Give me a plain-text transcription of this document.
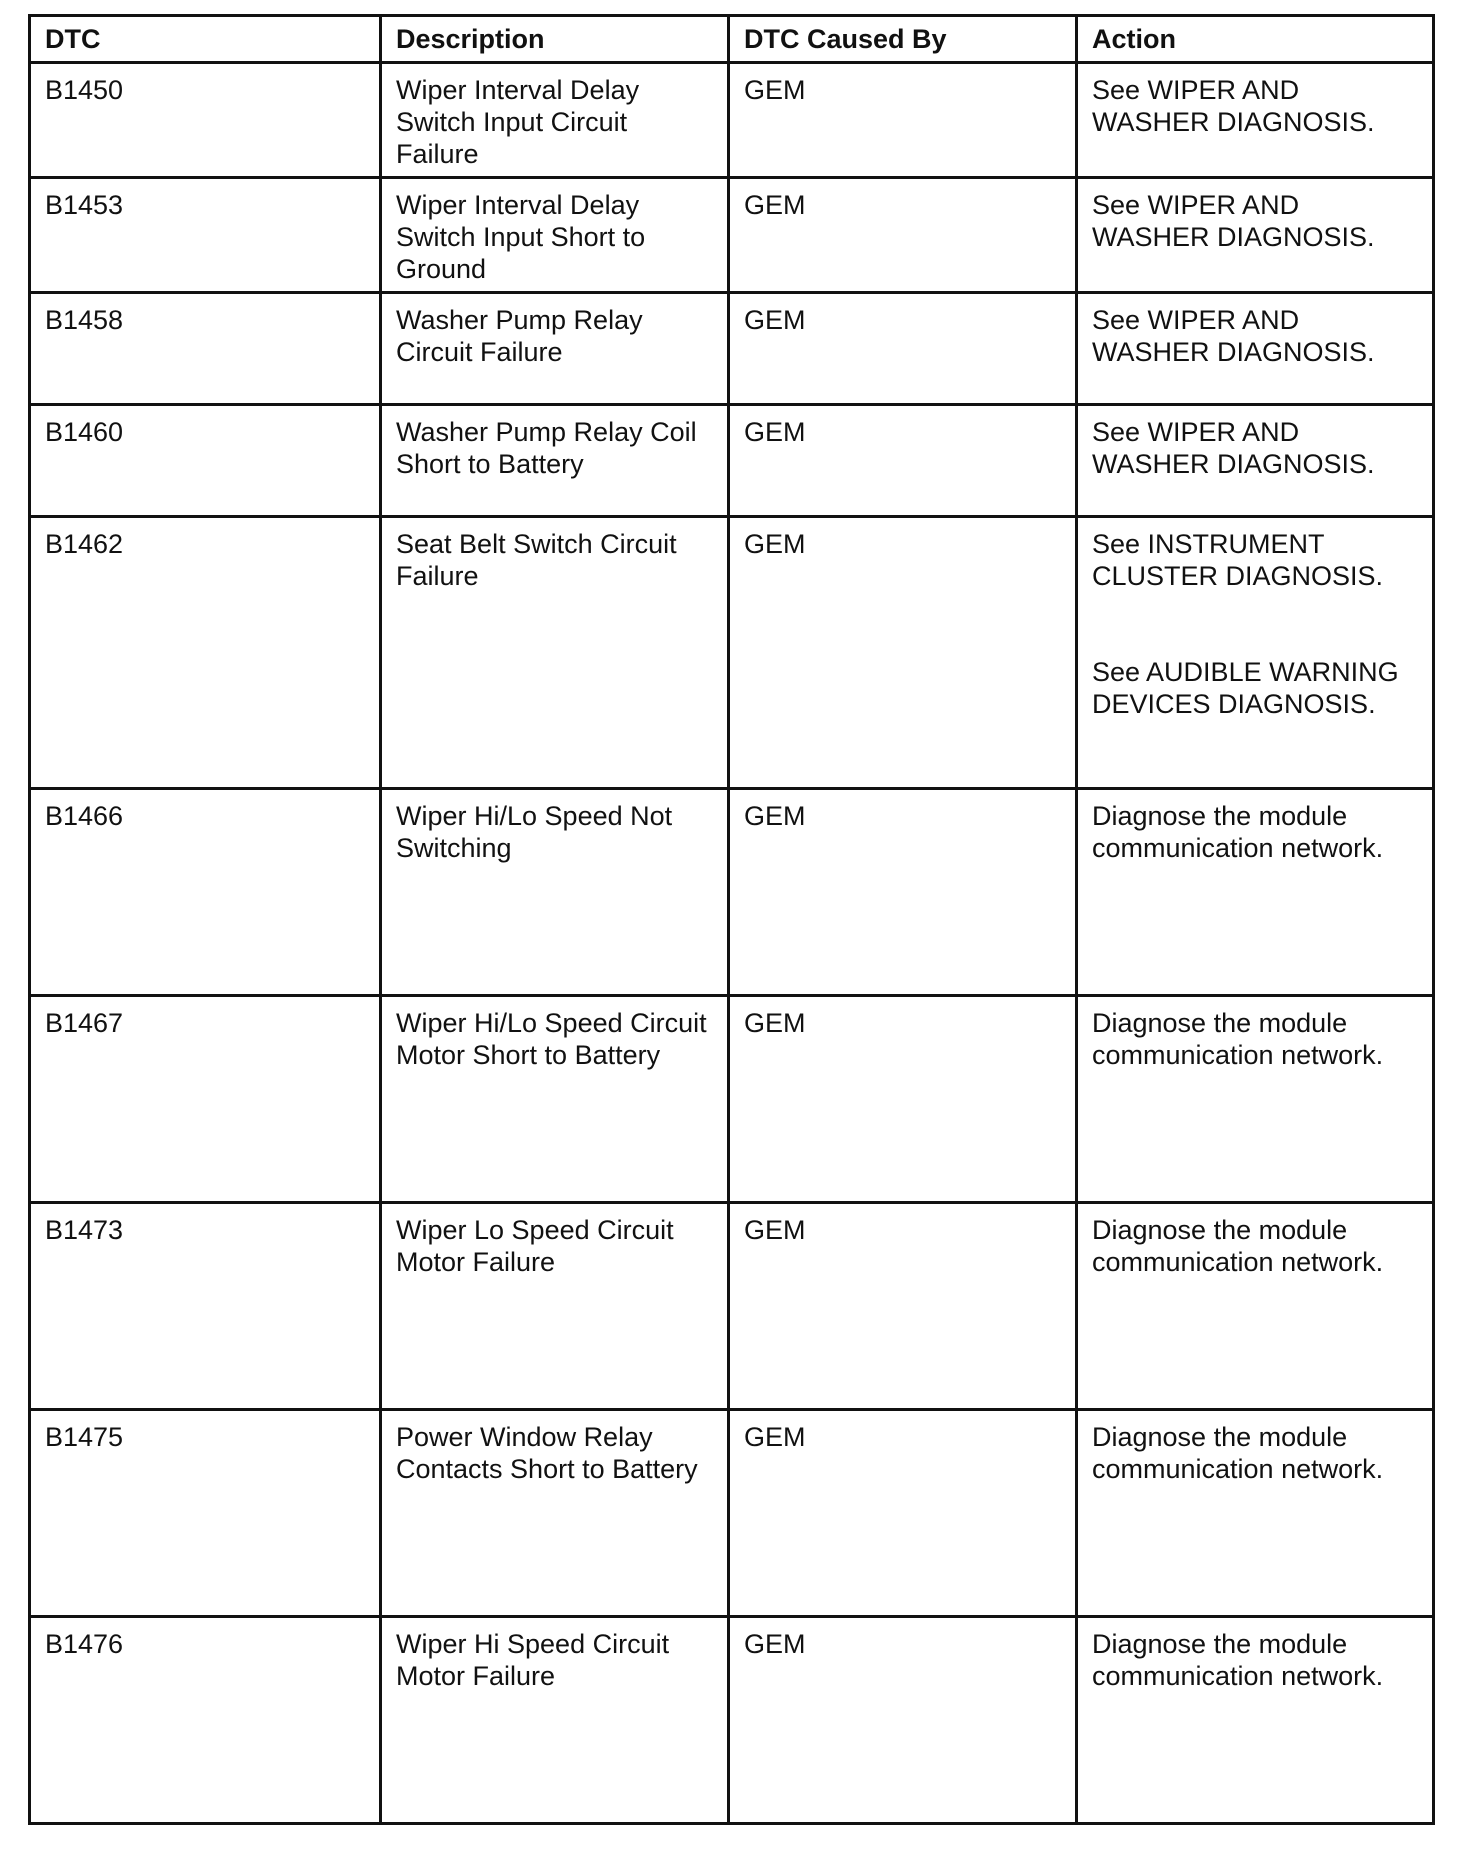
DTC	Description	DTC Caused By	Action
B1450	Wiper Interval Delay Switch Input Circuit Failure	GEM	See WIPER AND WASHER DIAGNOSIS.

B1453	Wiper Interval Delay Switch Input Short to Ground	GEM	See WIPER AND WASHER DIAGNOSIS.

B1458	Washer Pump Relay Circuit Failure	GEM	See WIPER AND WASHER DIAGNOSIS.

B1460	Washer Pump Relay Coil Short to Battery	GEM	See WIPER AND WASHER DIAGNOSIS.

B1462	Seat Belt Switch Circuit Failure	GEM	See INSTRUMENT CLUSTER DIAGNOSIS.
See AUDIBLE WARNING DEVICES DIAGNOSIS.

B1466	Wiper Hi/Lo Speed Not Switching	GEM	Diagnose the module communication network.

B1467	Wiper Hi/Lo Speed Circuit Motor Short to Battery	GEM	Diagnose the module communication network.

B1473	Wiper Lo Speed Circuit Motor Failure	GEM	Diagnose the module communication network.

B1475	Power Window Relay Contacts Short to Battery	GEM	Diagnose the module communication network.

B1476	Wiper Hi Speed Circuit Motor Failure	GEM	Diagnose the module communication network.
